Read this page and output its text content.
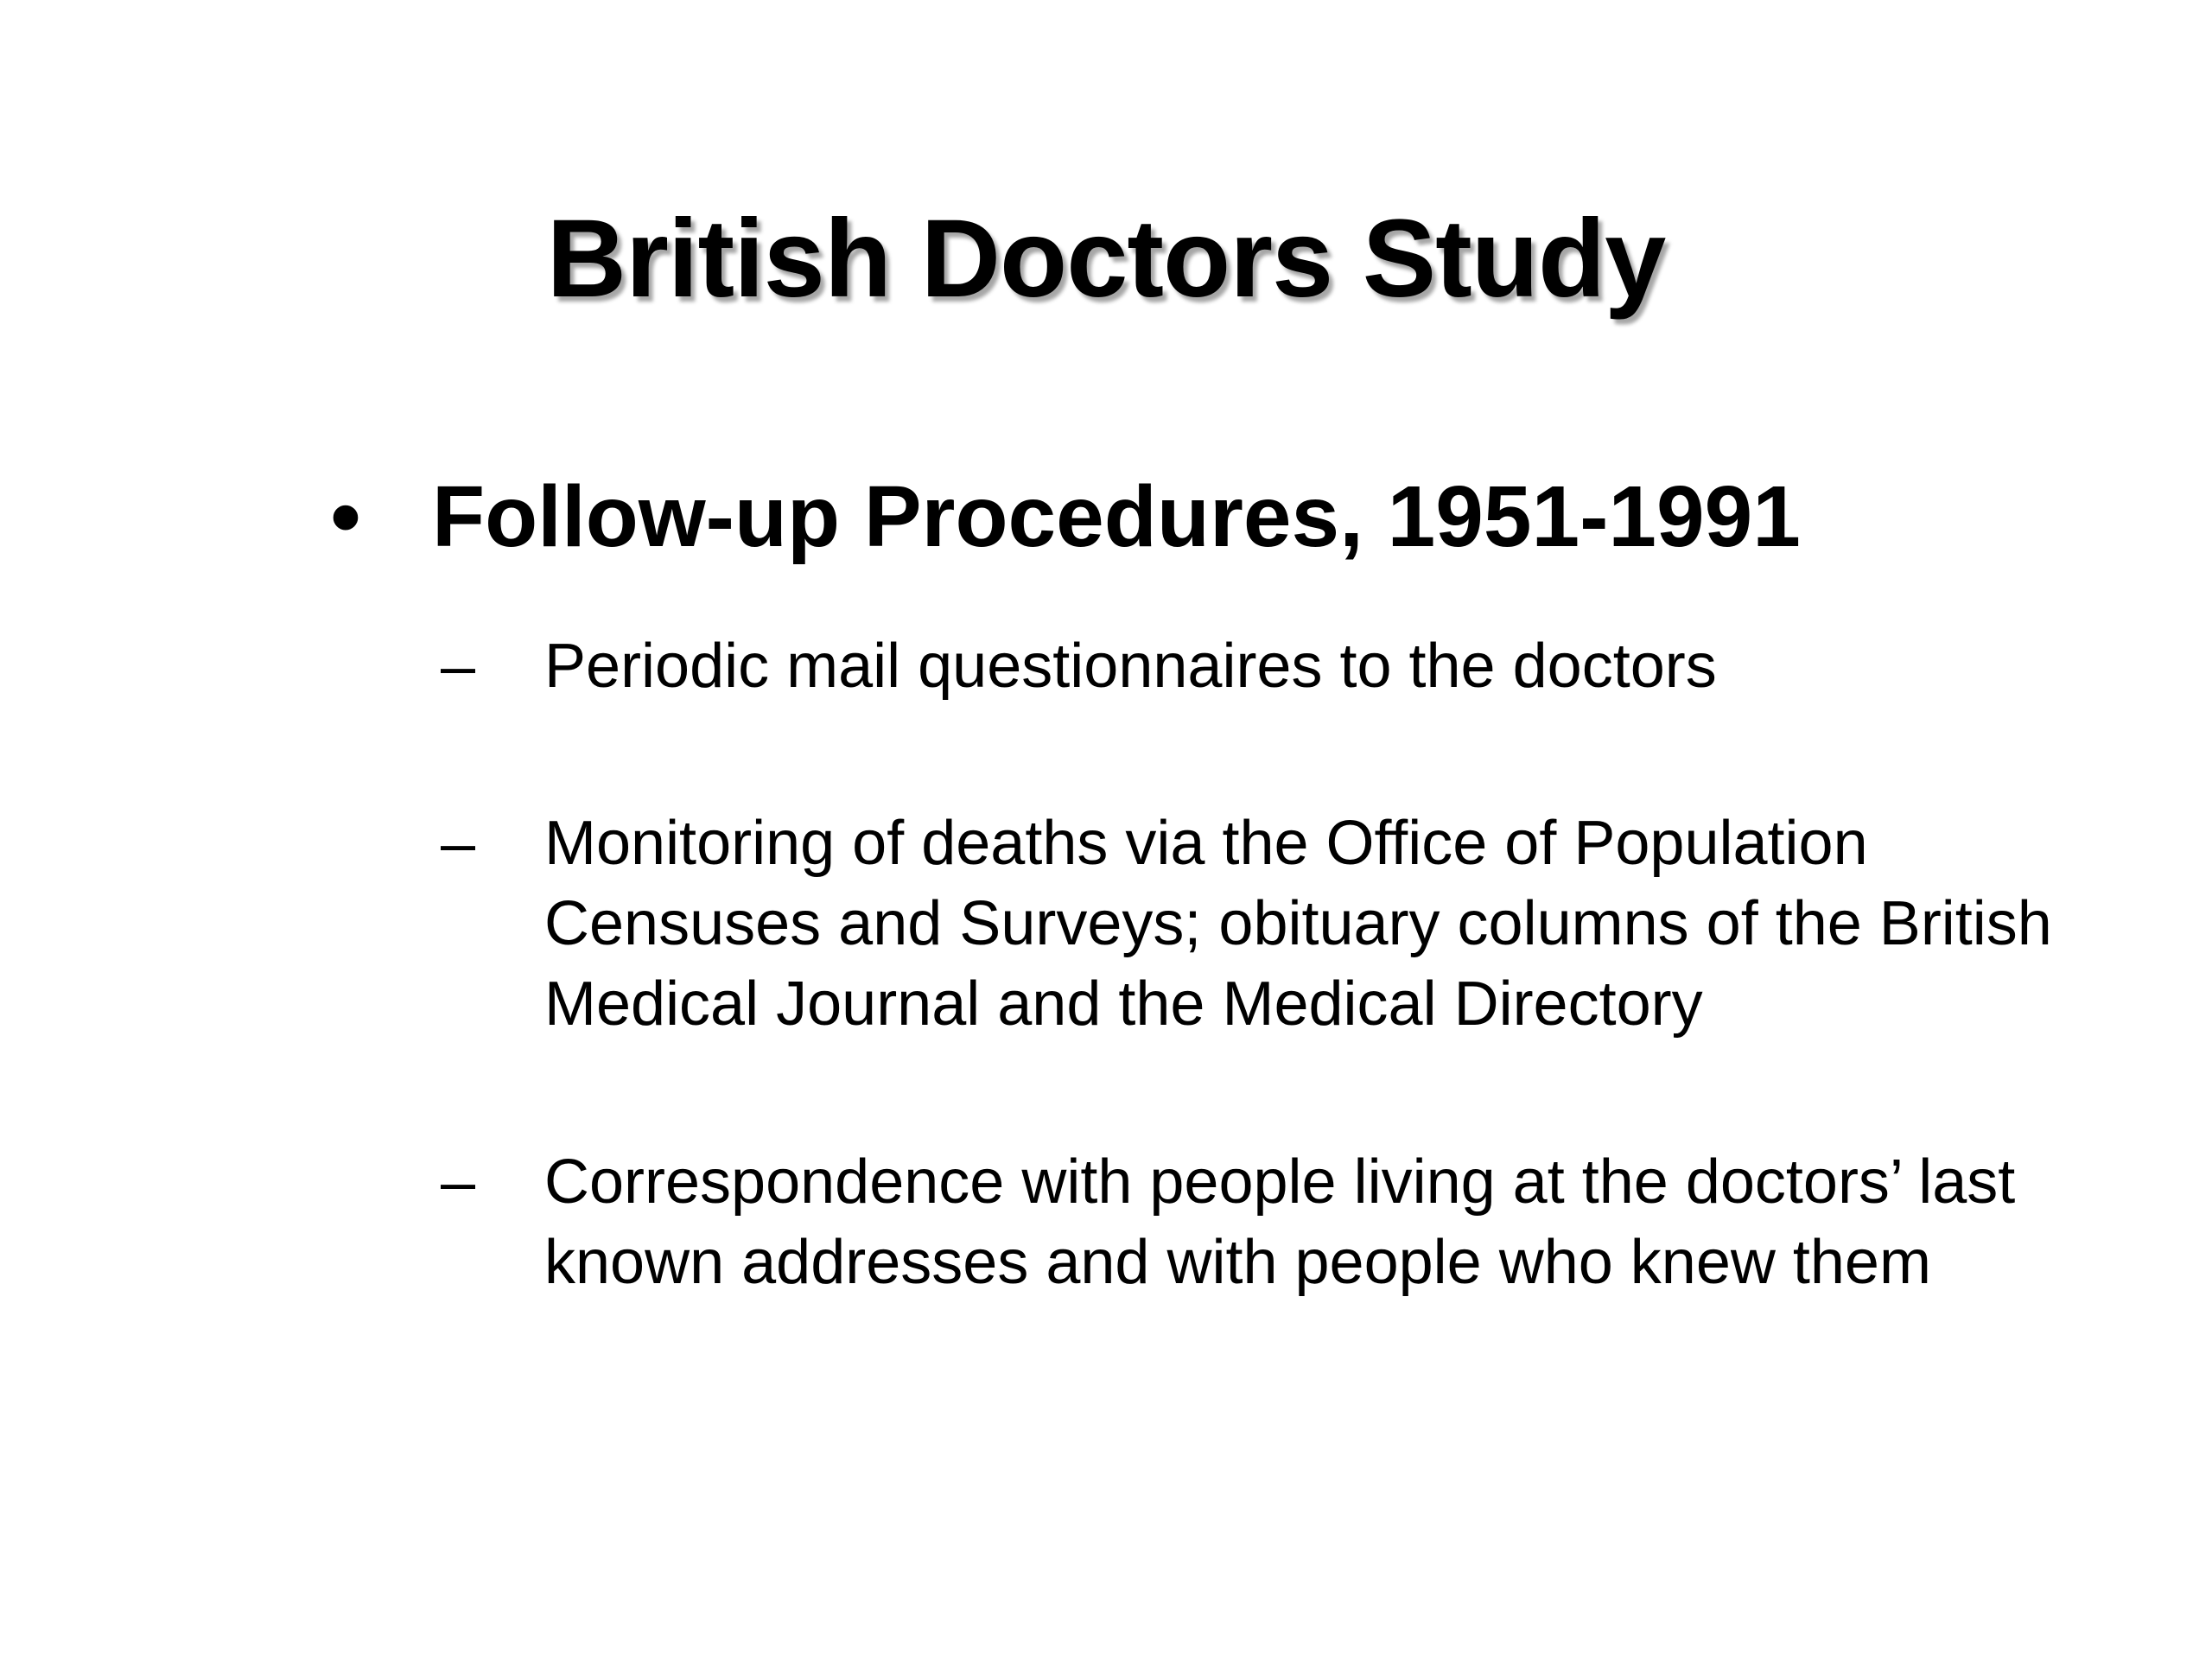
British Doctors Study
• Follow-up Procedures, 1951-1991
– Periodic mail questionnaires to the doctors
– Monitoring of deaths via the Office of Population
Censuses and Surveys; obituary columns of the British
Medical Journal and the Medical Directory
– Correspondence with people living at the doctors’ last
known addresses and with people who knew them
